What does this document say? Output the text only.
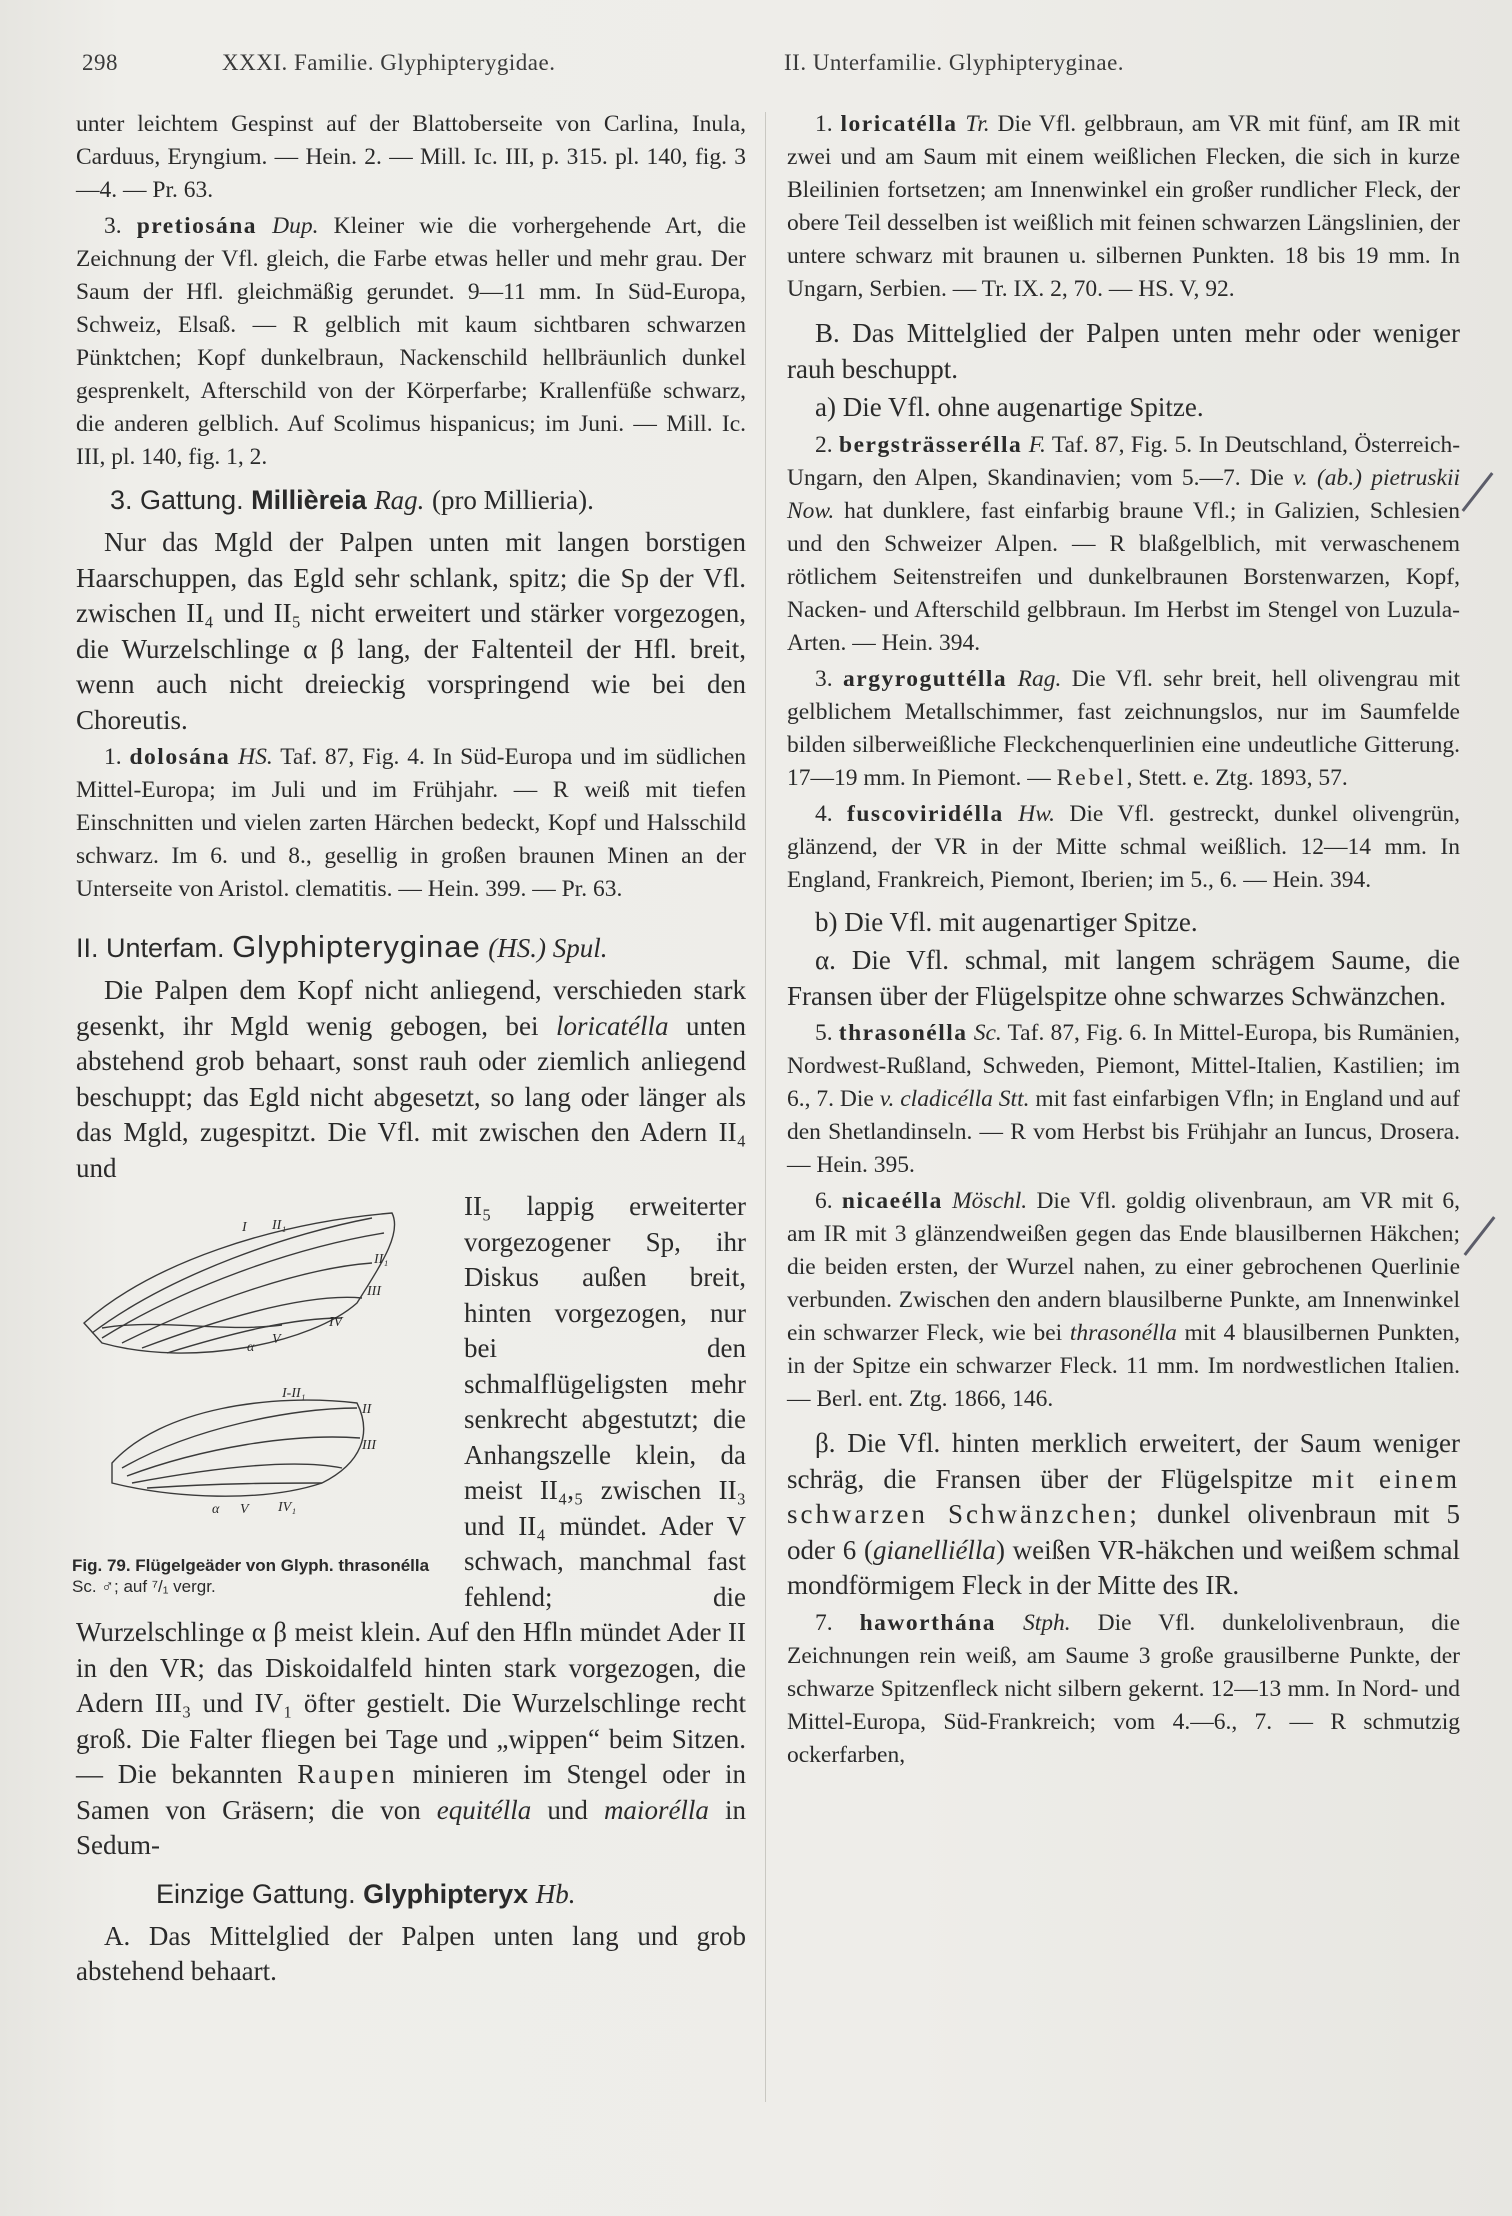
298	XXXI. Familie. Glyphipterygidae.	II. Unterfamilie. Glyphipteryginae.

unter leichtem Gespinst auf der Blattoberseite von Carlina, Inula, Carduus, Eryngium. — Hein. 2. — Mill. Ic. III, p. 315. pl. 140, fig. 3—4. — Pr. 63.

3. pretiosána Dup. Kleiner wie die vorhergehende Art, die Zeichnung der Vfl. gleich, die Farbe etwas heller und mehr grau. Der Saum der Hfl. gleichmäßig gerundet. 9—11 mm. In Süd-Europa, Schweiz, Elsaß. — R gelblich mit kaum sichtbaren schwarzen Pünktchen; Kopf dunkelbraun, Nackenschild hellbräunlich dunkel gesprenkelt, Afterschild von der Körperfarbe; Krallenfüße schwarz, die anderen gelblich. Auf Scolimus hispanicus; im Juni. — Mill. Ic. III, pl. 140, fig. 1, 2.

3. Gattung. Millièreia Rag. (pro Millieria).

Nur das Mgld der Palpen unten mit langen borstigen Haarschuppen, das Egld sehr schlank, spitz; die Sp der Vfl. zwischen II₄ und II₅ nicht erweitert und stärker vorgezogen, die Wurzelschlinge α β lang, der Faltenteil der Hfl. breit, wenn auch nicht dreieckig vorspringend wie bei den Choreutis.

1. dolosána HS. Taf. 87, Fig. 4. In Süd-Europa und im südlichen Mittel-Europa; im Juli und im Frühjahr. — R weiß mit tiefen Einschnitten und vielen zarten Härchen bedeckt, Kopf und Halsschild schwarz. Im 6. und 8., gesellig in großen braunen Minen an der Unterseite von Aristol. clematitis. — Hein. 399. — Pr. 63.

II. Unterfam. Glyphipteryginae (HS.) Spul.

Die Palpen dem Kopf nicht anliegend, verschieden stark gesenkt, ihr Mgld wenig gebogen, bei loricatélla unten abstehend grob behaart, sonst rauh oder ziemlich anliegend beschuppt; das Egld nicht abgesetzt, so lang oder länger als das Mgld, zugespitzt. Die Vfl. mit zwischen den Adern II₄ und

I II₁
II₁
III
IV
V
α
I-II₁
II
III
α V IV₁
Fig. 79. Flügelgeäder von Glyph. thrasonélla Sc. ♂; auf ⁷/₁ vergr.

II₅ lappig erweiterter vorgezogener Sp, ihr Diskus außen breit, hinten vorgezogen, nur bei den schmalflügeligsten mehr senkrecht abgestutzt; die Anhangszelle klein, da meist II₄,₅ zwischen II₃ und II₄ mündet. Ader V schwach, manchmal fast fehlend; die Wurzelschlinge α β meist klein. Auf den Hfln mündet Ader II in den VR; das Diskoidalfeld hinten stark vorgezogen, die Adern III₃ und IV₁ öfter gestielt. Die Wurzelschlinge recht groß. Die Falter fliegen bei Tage und „wippen“ beim Sitzen. — Die bekannten Raupen minieren im Stengel oder in Samen von Gräsern; die von equitélla und maiorélla in Sedum-

Einzige Gattung. Glyphipteryx Hb.

A. Das Mittelglied der Palpen unten lang und grob abstehend behaart.

1. loricatélla Tr. Die Vfl. gelbbraun, am VR mit fünf, am IR mit zwei und am Saum mit einem weißlichen Flecken, die sich in kurze Bleilinien fortsetzen; am Innenwinkel ein großer rundlicher Fleck, der obere Teil desselben ist weißlich mit feinen schwarzen Längslinien, der untere schwarz mit braunen u. silbernen Punkten. 18 bis 19 mm. In Ungarn, Serbien. — Tr. IX. 2, 70. — HS. V, 92.

B. Das Mittelglied der Palpen unten mehr oder weniger rauh beschuppt.

a) Die Vfl. ohne augenartige Spitze.

2. bergstrӓsserélla F. Taf. 87, Fig. 5. In Deutschland, Österreich-Ungarn, den Alpen, Skandinavien; vom 5.—7. Die v. (ab.) pietruskii Now. hat dunklere, fast einfarbig braune Vfl.; in Galizien, Schlesien und den Schweizer Alpen. — R blaßgelblich, mit verwaschenem rötlichem Seitenstreifen und dunkelbraunen Borstenwarzen, Kopf, Nacken- und Afterschild gelbbraun. Im Herbst im Stengel von Luzula-Arten. — Hein. 394.

3. argyroguttélla Rag. Die Vfl. sehr breit, hell olivengrau mit gelblichem Metallschimmer, fast zeichnungslos, nur im Saumfelde bilden silberweißliche Fleckchenquerlinien eine undeutliche Gitterung. 17—19 mm. In Piemont. — Rebel, Stett. e. Ztg. 1893, 57.

4. fuscoviridélla Hw. Die Vfl. gestreckt, dunkel olivengrün, glänzend, der VR in der Mitte schmal weißlich. 12—14 mm. In England, Frankreich, Piemont, Iberien; im 5., 6. — Hein. 394.

b) Die Vfl. mit augenartiger Spitze.

α. Die Vfl. schmal, mit langem schrägem Saume, die Fransen über der Flügelspitze ohne schwarzes Schwänzchen.

5. thrasonélla Sc. Taf. 87, Fig. 6. In Mittel-Europa, bis Rumänien, Nordwest-Rußland, Schweden, Piemont, Mittel-Italien, Kastilien; im 6., 7. Die v. cladicélla Stt. mit fast einfarbigen Vfln; in England und auf den Shetlandinseln. — R vom Herbst bis Frühjahr an Iuncus, Drosera. — Hein. 395.

6. nicaeélla Möschl. Die Vfl. goldig olivenbraun, am VR mit 6, am IR mit 3 glänzendweißen gegen das Ende blausilbernen Häkchen; die beiden ersten, der Wurzel nahen, zu einer gebrochenen Querlinie verbunden. Zwischen den andern blausilberne Punkte, am Innenwinkel ein schwarzer Fleck, wie bei thrasonélla mit 4 blausilbernen Punkten, in der Spitze ein schwarzer Fleck. 11 mm. Im nordwestlichen Italien. — Berl. ent. Ztg. 1866, 146.

β. Die Vfl. hinten merklich erweitert, der Saum weniger schräg, die Fransen über der Flügelspitze mit einem schwarzen Schwänzchen; dunkel olivenbraun mit 5 oder 6 (gianelliélla) weißen VR-häkchen und weißem schmal mondförmigem Fleck in der Mitte des IR.

7. haworthána Stph. Die Vfl. dunkelolivenbraun, die Zeichnungen rein weiß, am Saume 3 große grausilberne Punkte, der schwarze Spitzenfleck nicht silbern gekernt. 12—13 mm. In Nord- und Mittel-Europa, Süd-Frankreich; vom 4.—6., 7. — R schmutzig ockerfarben,
